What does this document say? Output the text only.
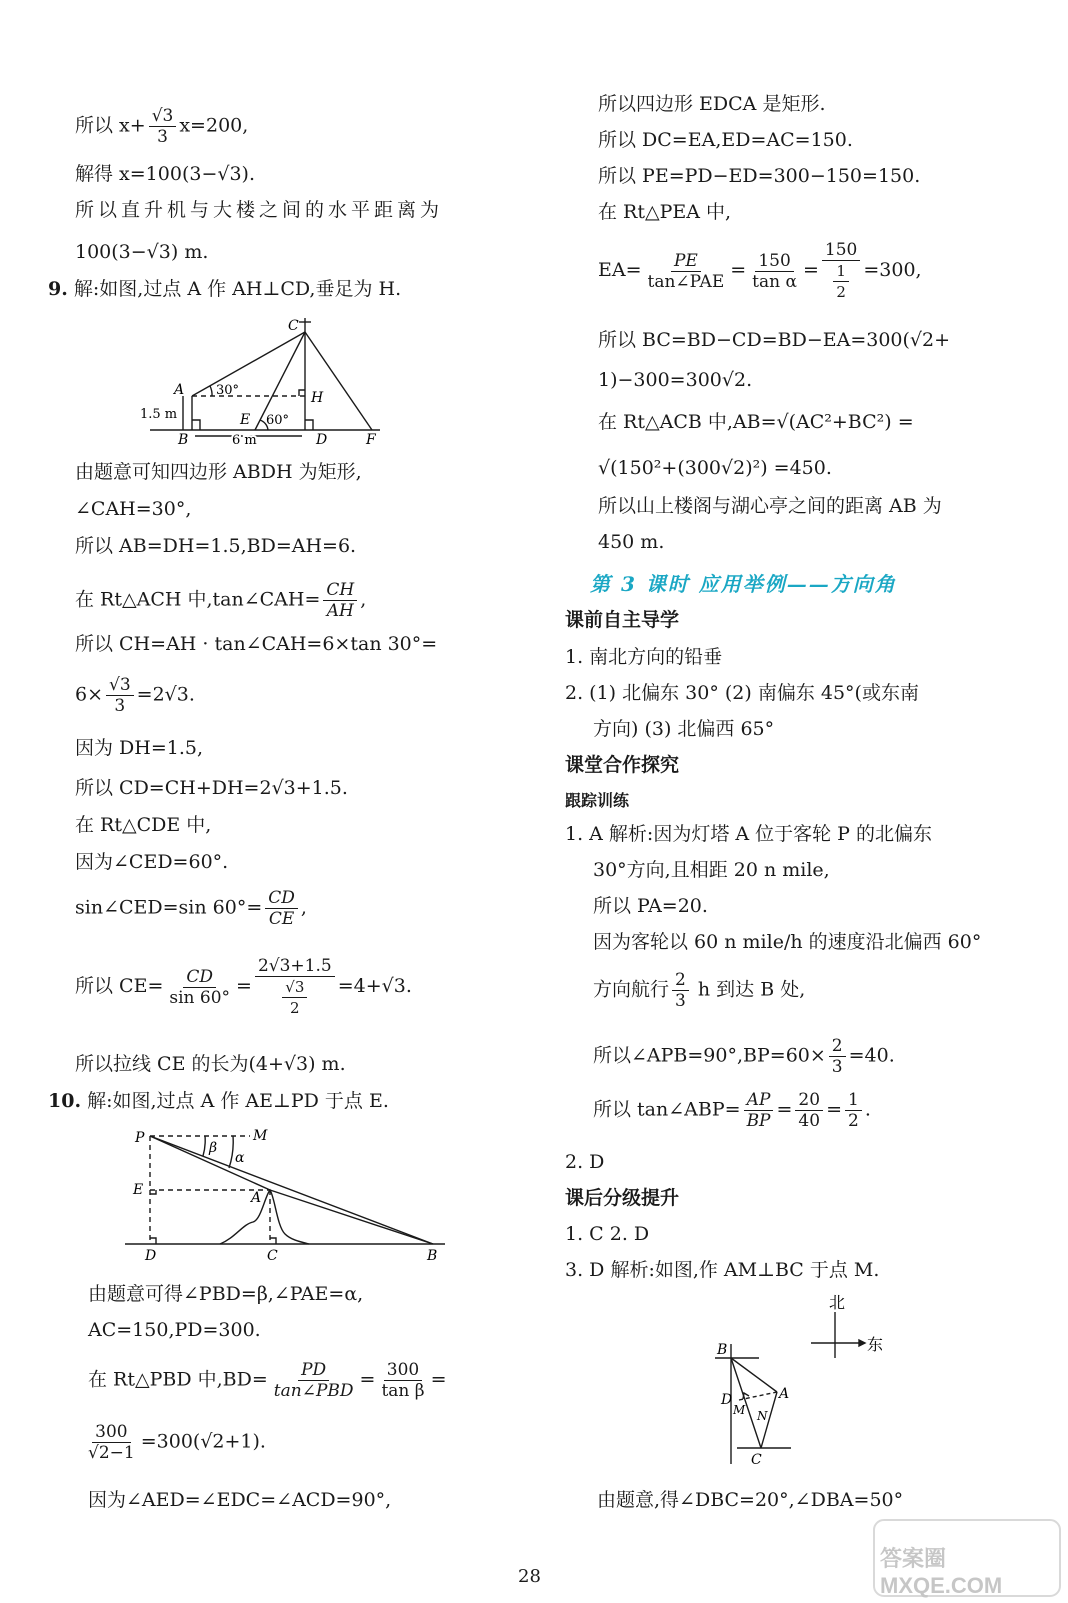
所以 $x+ \frac{√3}{3} x=200$,
解得 x=100(3−√3).
所以直升机与大楼之间的水平距离为
100(3−√3) m.
9. 解:如图,过点 A 作 AH⊥CD,垂足为 H.
C
A 30°	H
1.5 m	E 60°
B	6 m	D	F
由题意可知四边形 ABDH 为矩形,
∠CAH=30°,
所以 AB=DH=1.5,BD=AH=6.
在 Rt△ACH 中,tan∠CAH= $\frac{CH}{AH}$ ,
所以 CH=AH · tan∠CAH=6×tan 30°=
$6\times \frac{√3}{3} =2√3$.
因为 DH=1.5,
所以 CD=CH+DH=2√3+1.5.
在 Rt△CDE 中,
因为∠CED=60°.
sin∠CED=sin $60^\circ= \frac{CD}{CE}$ ,
所以 $CE= \frac{CD}{\sin 60^\circ} = \frac{2√3+1.5}{\frac{√3}{2}} =4+√3$.
所以拉线 CE 的长为(4+√3) m.
10. 解:如图,过点 A 作 AE⊥PD 于点 E.
P	M
β
α
E	A
D	C	B
由题意可得∠PBD=β,∠PAE=α,
AC=150,PD=300.
在 Rt△PBD 中$,BD= \frac{PD}{\text{tan∠PBD}} = \frac{300}{\text{tan β}}$ =
$\frac{300}{√2-1} =300(√2+1)$.
因为∠AED=∠EDC=∠ACD=90°,
所以四边形 EDCA 是矩形.
所以 DC=EA,ED=AC=150.
所以 PE=PD−ED=300−150=150.
在 Rt△PEA 中,
$EA= \frac{PE}{\text{tan∠PAE}} = \frac{150}{\text{tan α}} = \frac{150}{\frac{1}{2}} =300$,
所以 BC=BD−CD=BD−EA=300(√2+
1)−300=300√2.
在 Rt△ACB 中,AB=√(AC²+BC²) =
√(150²+(300√2)²) =450.
所以山上楼阁与湖心亭之间的距离 AB 为
450 m.
第 3 课时 应用举例——方向角
课前自主导学
1. 南北方向的铅垂
2. (1) 北偏东 30° (2) 南偏东 45°(或东南
方向) (3) 北偏西 65°
课堂合作探究
跟踪训练
1. A 解析:因为灯塔 A 位于客轮 P 的北偏东
30°方向,且相距 20 n mile,
所以 PA=20.
因为客轮以 60 n mile/h 的速度沿北偏西 60°
方向航行 $\frac{2}{3}$ h 到达 B 处,
所以∠APB=90°,BP=60× $\frac{2}{3} =40$.
所以 tan∠ABP= $\frac{AP}{BP} = \frac{20}{40} = \frac{1}{2}$ .
2. D
课后分级提升
1. C 2. D
3. D 解析:如图,作 AM⊥BC 于点 M.
北
东
B
D
M
A
N
C
由题意,得∠DBC=20°,∠DBA=50°
28
答案圈 MXQE.COM
